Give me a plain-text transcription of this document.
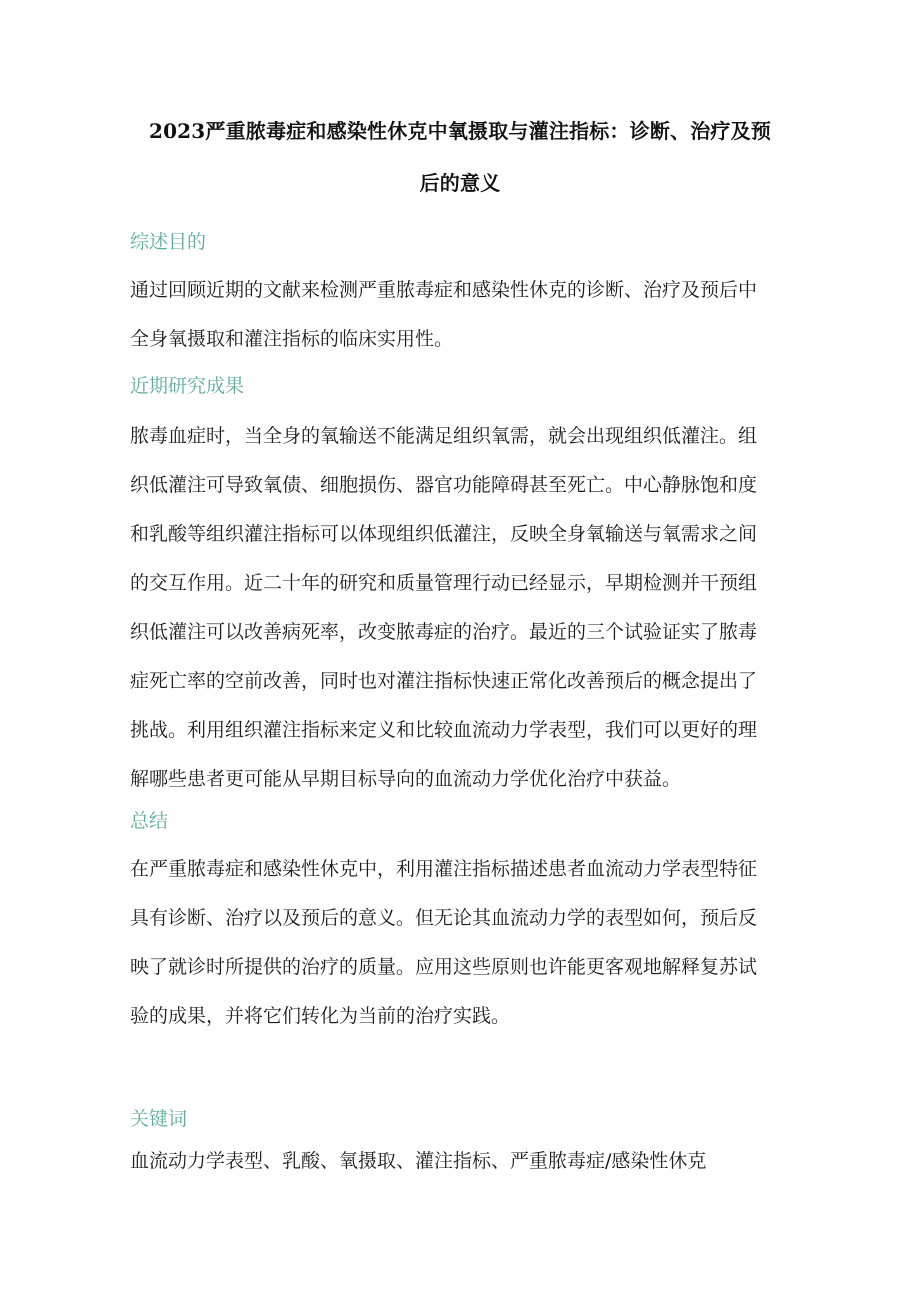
2023严重脓毒症和感染性休克中氧摄取与灌注指标：诊断、治疗及预
后的意义
综述目的
通过回顾近期的文献来检测严重脓毒症和感染性休克的诊断、治疗及预后中
全身氧摄取和灌注指标的临床实用性。
近期研究成果
脓毒血症时，当全身的氧输送不能满足组织氧需，就会出现组织低灌注。组
织低灌注可导致氧债、细胞损伤、器官功能障碍甚至死亡。中心静脉饱和度
和乳酸等组织灌注指标可以体现组织低灌注，反映全身氧输送与氧需求之间
的交互作用。近二十年的研究和质量管理行动已经显示，早期检测并干预组
织低灌注可以改善病死率，改变脓毒症的治疗。最近的三个试验证实了脓毒
症死亡率的空前改善，同时也对灌注指标快速正常化改善预后的概念提出了
挑战。利用组织灌注指标来定义和比较血流动力学表型，我们可以更好的理
解哪些患者更可能从早期目标导向的血流动力学优化治疗中获益。
总结
在严重脓毒症和感染性休克中，利用灌注指标描述患者血流动力学表型特征
具有诊断、治疗以及预后的意义。但无论其血流动力学的表型如何，预后反
映了就诊时所提供的治疗的质量。应用这些原则也许能更客观地解释复苏试
验的成果，并将它们转化为当前的治疗实践。
关键词
血流动力学表型、乳酸、氧摄取、灌注指标、严重脓毒症/感染性休克
